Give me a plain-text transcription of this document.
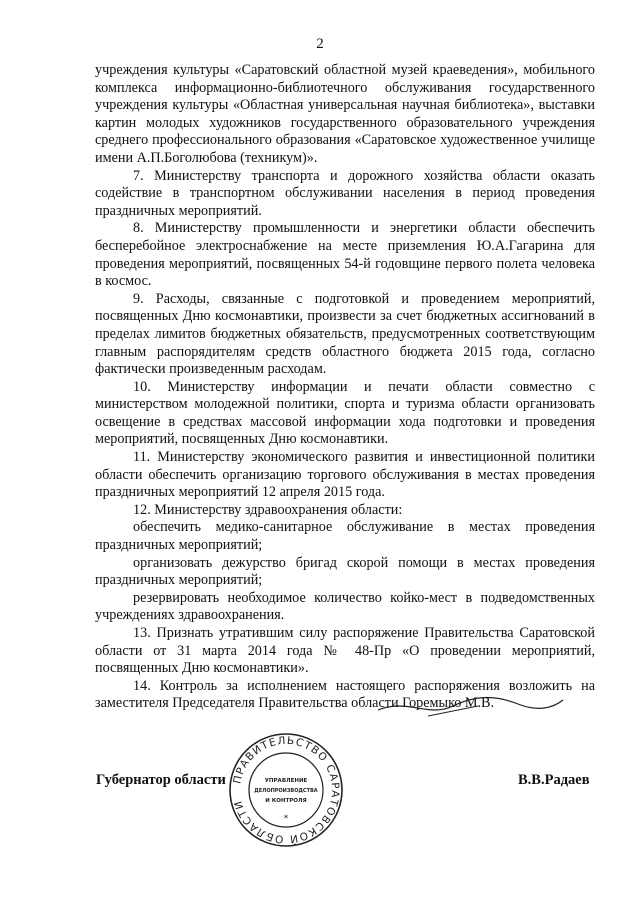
2

учреждения культуры «Саратовский областной музей краеведения», мобильного комплекса информационно-библиотечного обслуживания государственного учреждения культуры «Областная универсальная научная библиотека», выставки картин молодых художников государственного образовательного учреждения среднего профессионального образования «Саратовское художественное училище имени А.П.Боголюбова (техникум)».

7. Министерству транспорта и дорожного хозяйства области оказать содействие в транспортном обслуживании населения в период проведения праздничных мероприятий.

8. Министерству промышленности и энергетики области обеспечить бесперебойное электроснабжение на месте приземления Ю.А.Гагарина для проведения мероприятий, посвященных 54-й годовщине первого полета человека в космос.

9. Расходы, связанные с подготовкой и проведением мероприятий, посвященных Дню космонавтики, произвести за счет бюджетных ассигнований в пределах лимитов бюджетных обязательств, предусмотренных соответствующим главным распорядителям средств областного бюджета 2015 года, согласно фактически произведенным расходам.

10. Министерству информации и печати области совместно с министерством молодежной политики, спорта и туризма области организовать освещение в средствах массовой информации хода подготовки и проведения мероприятий, посвященных Дню космонавтики.

11. Министерству экономического развития и инвестиционной политики области обеспечить организацию торгового обслуживания в местах проведения праздничных мероприятий 12 апреля 2015 года.

12. Министерству здравоохранения области:

обеспечить медико-санитарное обслуживание в местах проведения праздничных мероприятий;

организовать дежурство бригад скорой помощи в местах проведения праздничных мероприятий;

резервировать необходимое количество койко-мест в подведомственных учреждениях здравоохранения.

13. Признать утратившим силу распоряжение Правительства Саратовской области от 31 марта 2014 года № 48-Пр «О проведении мероприятий, посвященных Дню космонавтики».

14. Контроль за исполнением настоящего распоряжения возложить на заместителя Председателя Правительства области Горемыко М.В.

Губернатор области	В.В.Радаев
ПРАВИТЕЛЬСТВО САРАТОВСКОЙ ОБЛАСТИ
УПРАВЛЕНИЕ
ДЕЛОПРОИЗВОДСТВА
И КОНТРОЛЯ
*
